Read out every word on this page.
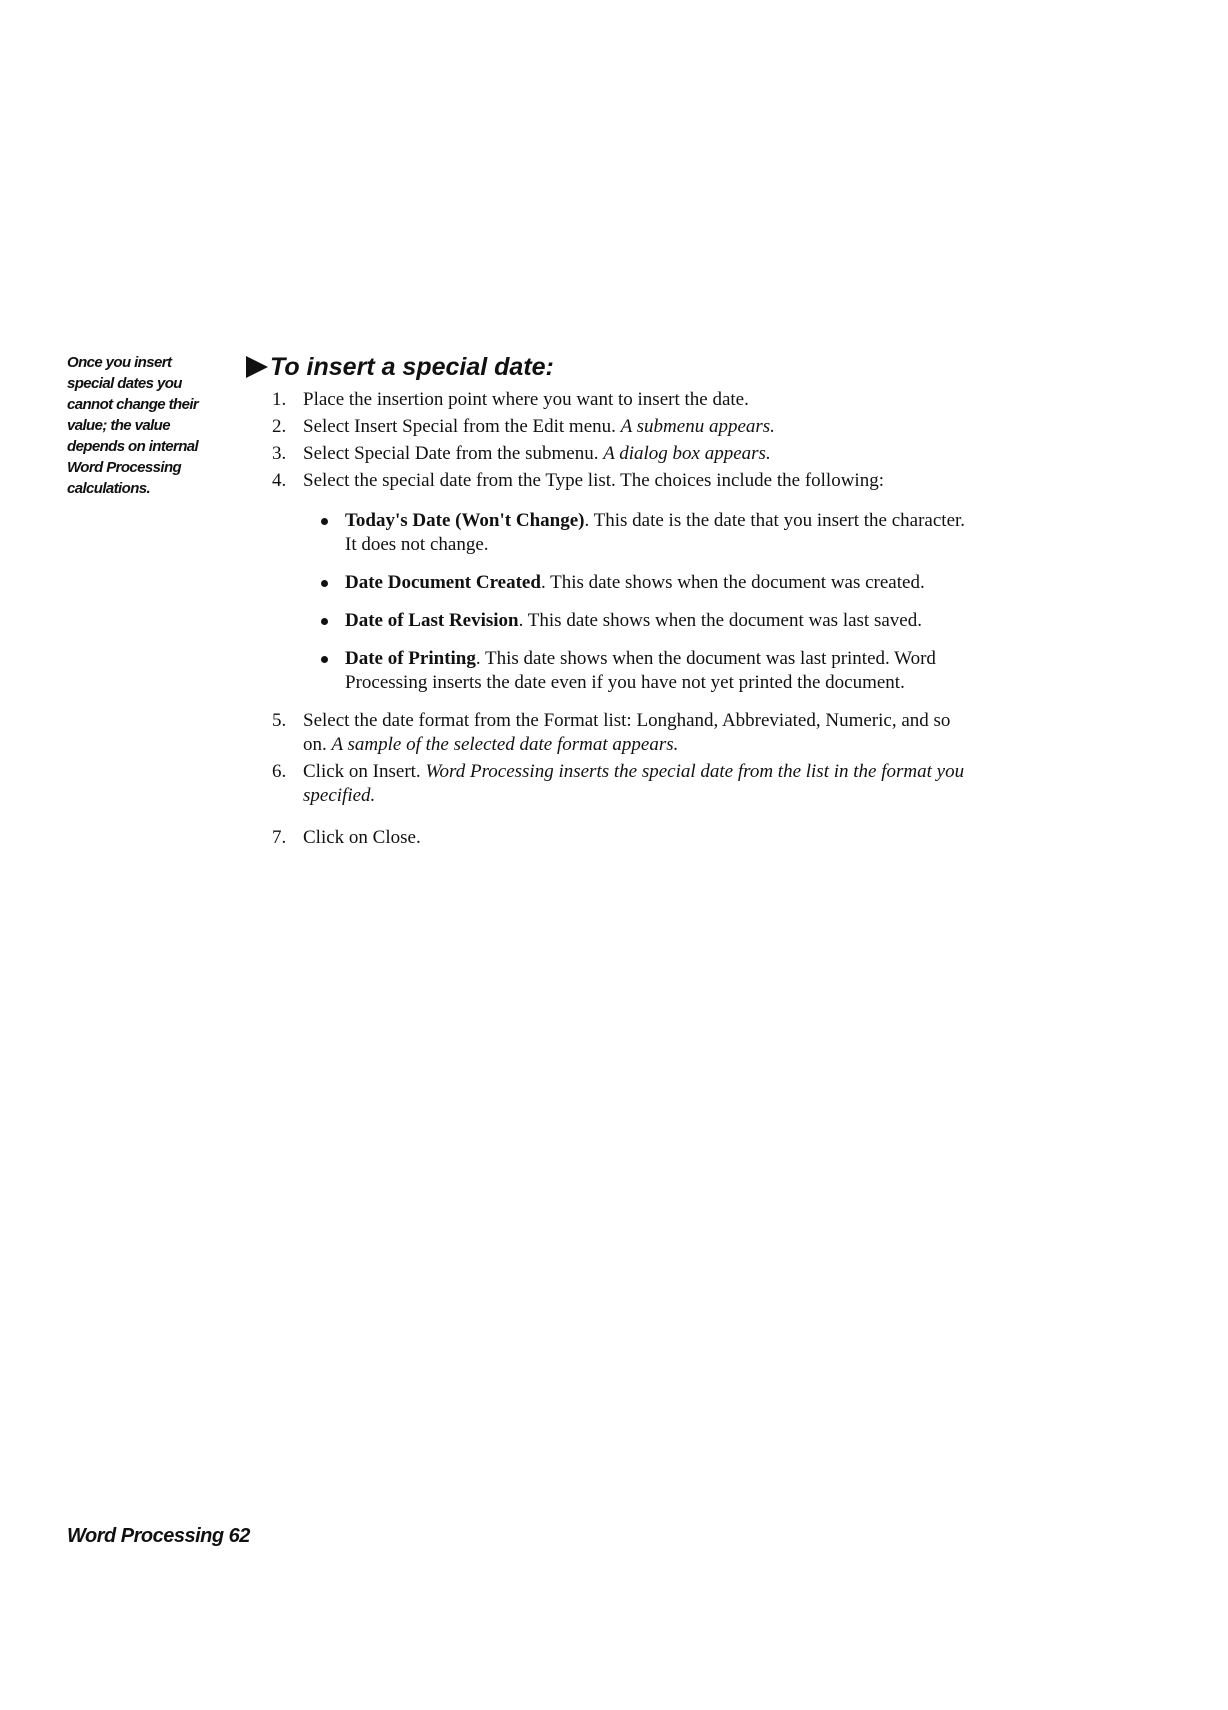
Once you insert
special dates you
cannot change their
value; the value
depends on internal
Word Processing
calculations.
To insert a special date:
1. Place the insertion point where you want to insert the date.
2. Select Insert Special from the Edit menu. A submenu appears.
3. Select Special Date from the submenu. A dialog box appears.
4. Select the special date from the Type list. The choices include the following:
Today's Date (Won't Change). This date is the date that you insert the character. It does not change.
Date Document Created. This date shows when the document was created.
Date of Last Revision. This date shows when the document was last saved.
Date of Printing. This date shows when the document was last printed. Word Processing inserts the date even if you have not yet printed the document.
5. Select the date format from the Format list: Longhand, Abbreviated, Numeric, and so on. A sample of the selected date format appears.
6. Click on Insert. Word Processing inserts the special date from the list in the format you specified.
7. Click on Close.
Word Processing 62
